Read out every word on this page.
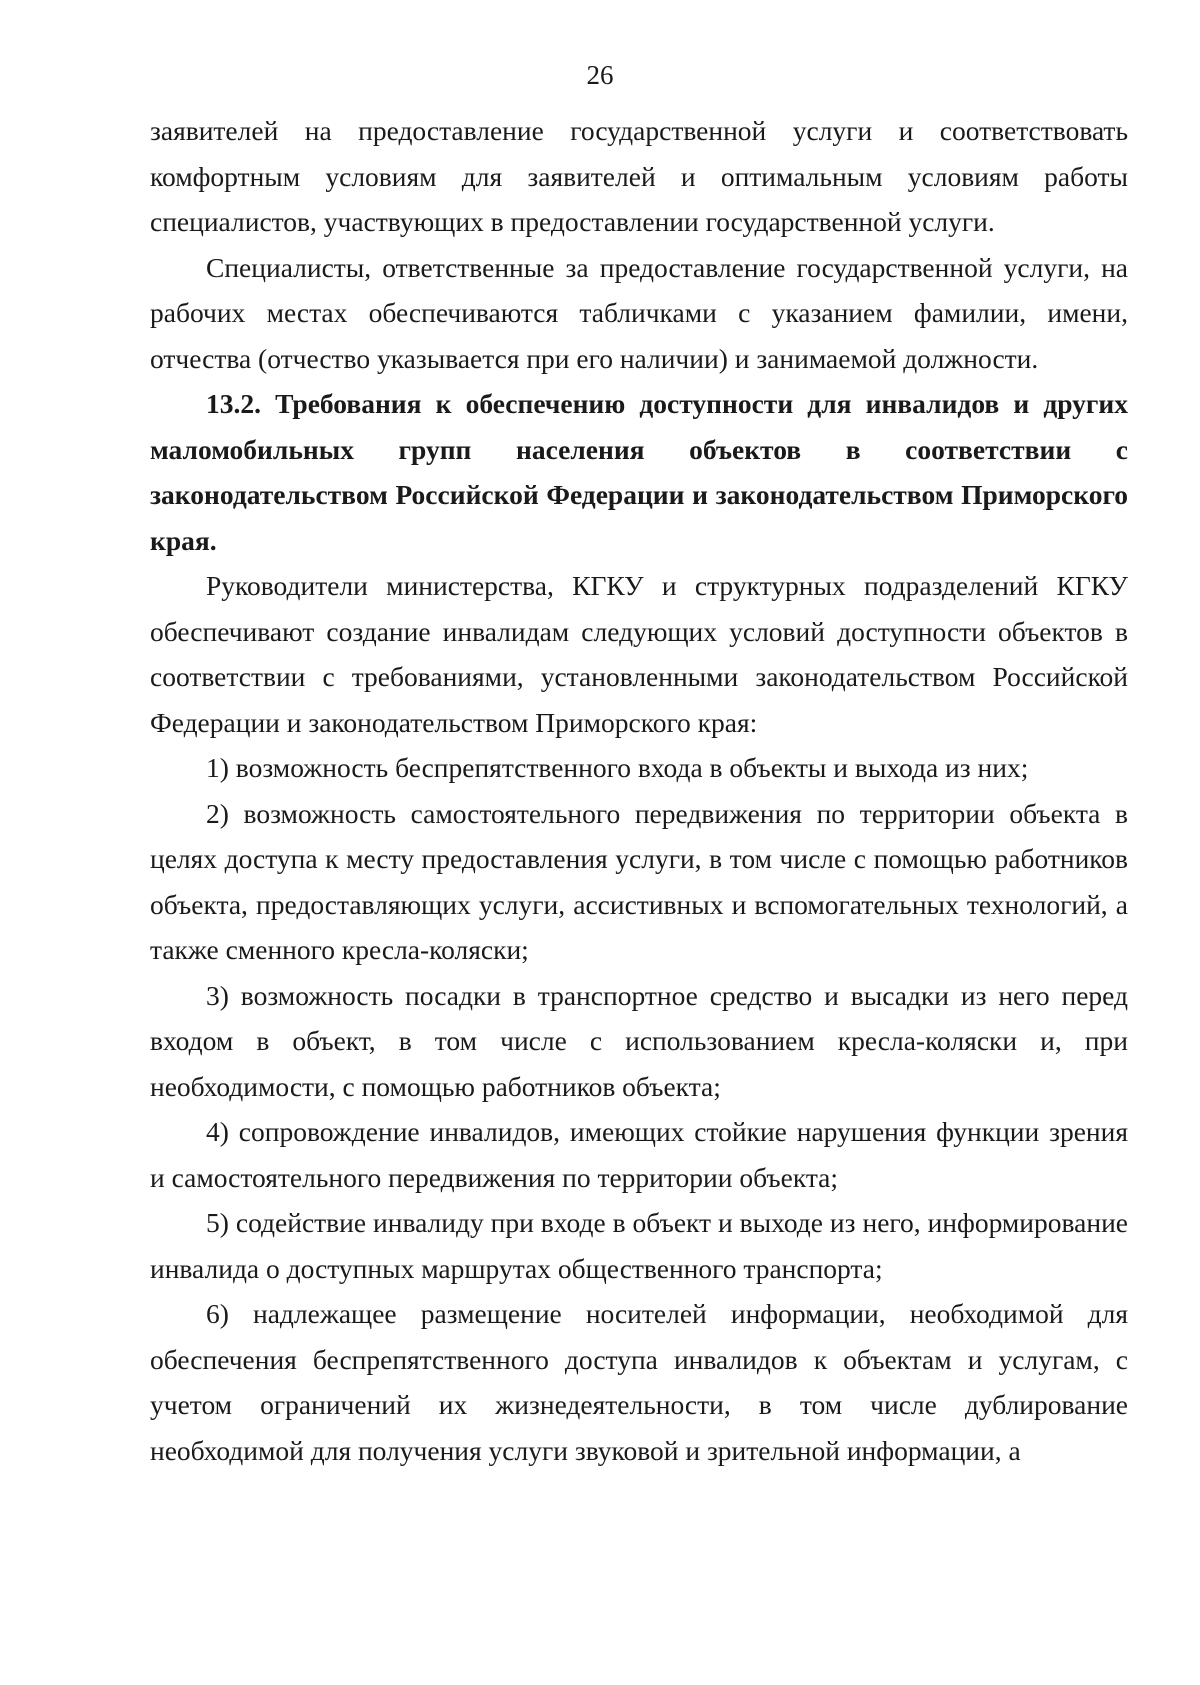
26

заявителей на предоставление государственной услуги и соответствовать комфортным условиям для заявителей и оптимальным условиям работы специалистов, участвующих в предоставлении государственной услуги.

Специалисты, ответственные за предоставление государственной услуги, на рабочих местах обеспечиваются табличками с указанием фамилии, имени, отчества (отчество указывается при его наличии) и занимаемой должности.

13.2. Требования к обеспечению доступности для инвалидов и других маломобильных групп населения объектов в соответствии с законодательством Российской Федерации и законодательством Приморского края.

Руководители министерства, КГКУ и структурных подразделений КГКУ обеспечивают создание инвалидам следующих условий доступности объектов в соответствии с требованиями, установленными законодательством Российской Федерации и законодательством Приморского края:

1) возможность беспрепятственного входа в объекты и выхода из них;

2) возможность самостоятельного передвижения по территории объекта в целях доступа к месту предоставления услуги, в том числе с помощью работников объекта, предоставляющих услуги, ассистивных и вспомогательных технологий, а также сменного кресла-коляски;

3) возможность посадки в транспортное средство и высадки из него перед входом в объект, в том числе с использованием кресла-коляски и, при необходимости, с помощью работников объекта;

4) сопровождение инвалидов, имеющих стойкие нарушения функции зрения и самостоятельного передвижения по территории объекта;

5) содействие инвалиду при входе в объект и выходе из него, информирование инвалида о доступных маршрутах общественного транспорта;

6) надлежащее размещение носителей информации, необходимой для обеспечения беспрепятственного доступа инвалидов к объектам и услугам, с учетом ограничений их жизнедеятельности, в том числе дублирование необходимой для получения услуги звуковой и зрительной информации, а
